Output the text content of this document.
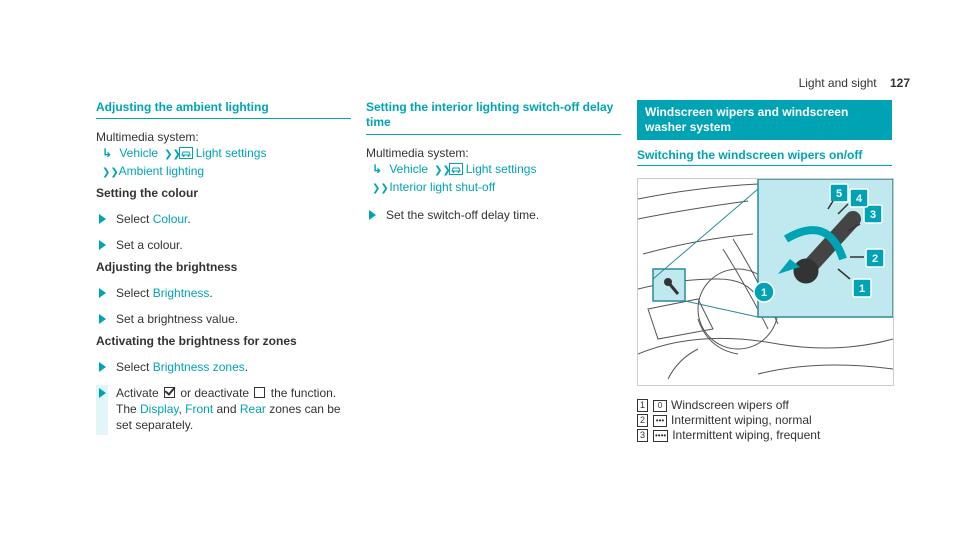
Light and sight 127
Adjusting the ambient lighting
Multimedia system:
↳ Vehicle  ❯❯ Light settings
❯❯ Ambient lighting
Setting the colour
Select Colour.
Set a colour.
Adjusting the brightness
Select Brightness.
Set a brightness value.
Activating the brightness for zones
Select Brightness zones.
Activate  or deactivate  the function.
The Display, Front and Rear zones can be set separately.
Setting the interior lighting switch-off delay time
Multimedia system:
↳ Vehicle  ❯❯ Light settings
❯❯ Interior light shut-off
Set the switch-off delay time.
Windscreen wipers and windscreen washer system
Switching the windscreen wipers on/off
3
4
5
2
1
1
1	0 Windscreen wipers off
2	••• Intermittent wiping, normal
3	•••• Intermittent wiping, frequent
